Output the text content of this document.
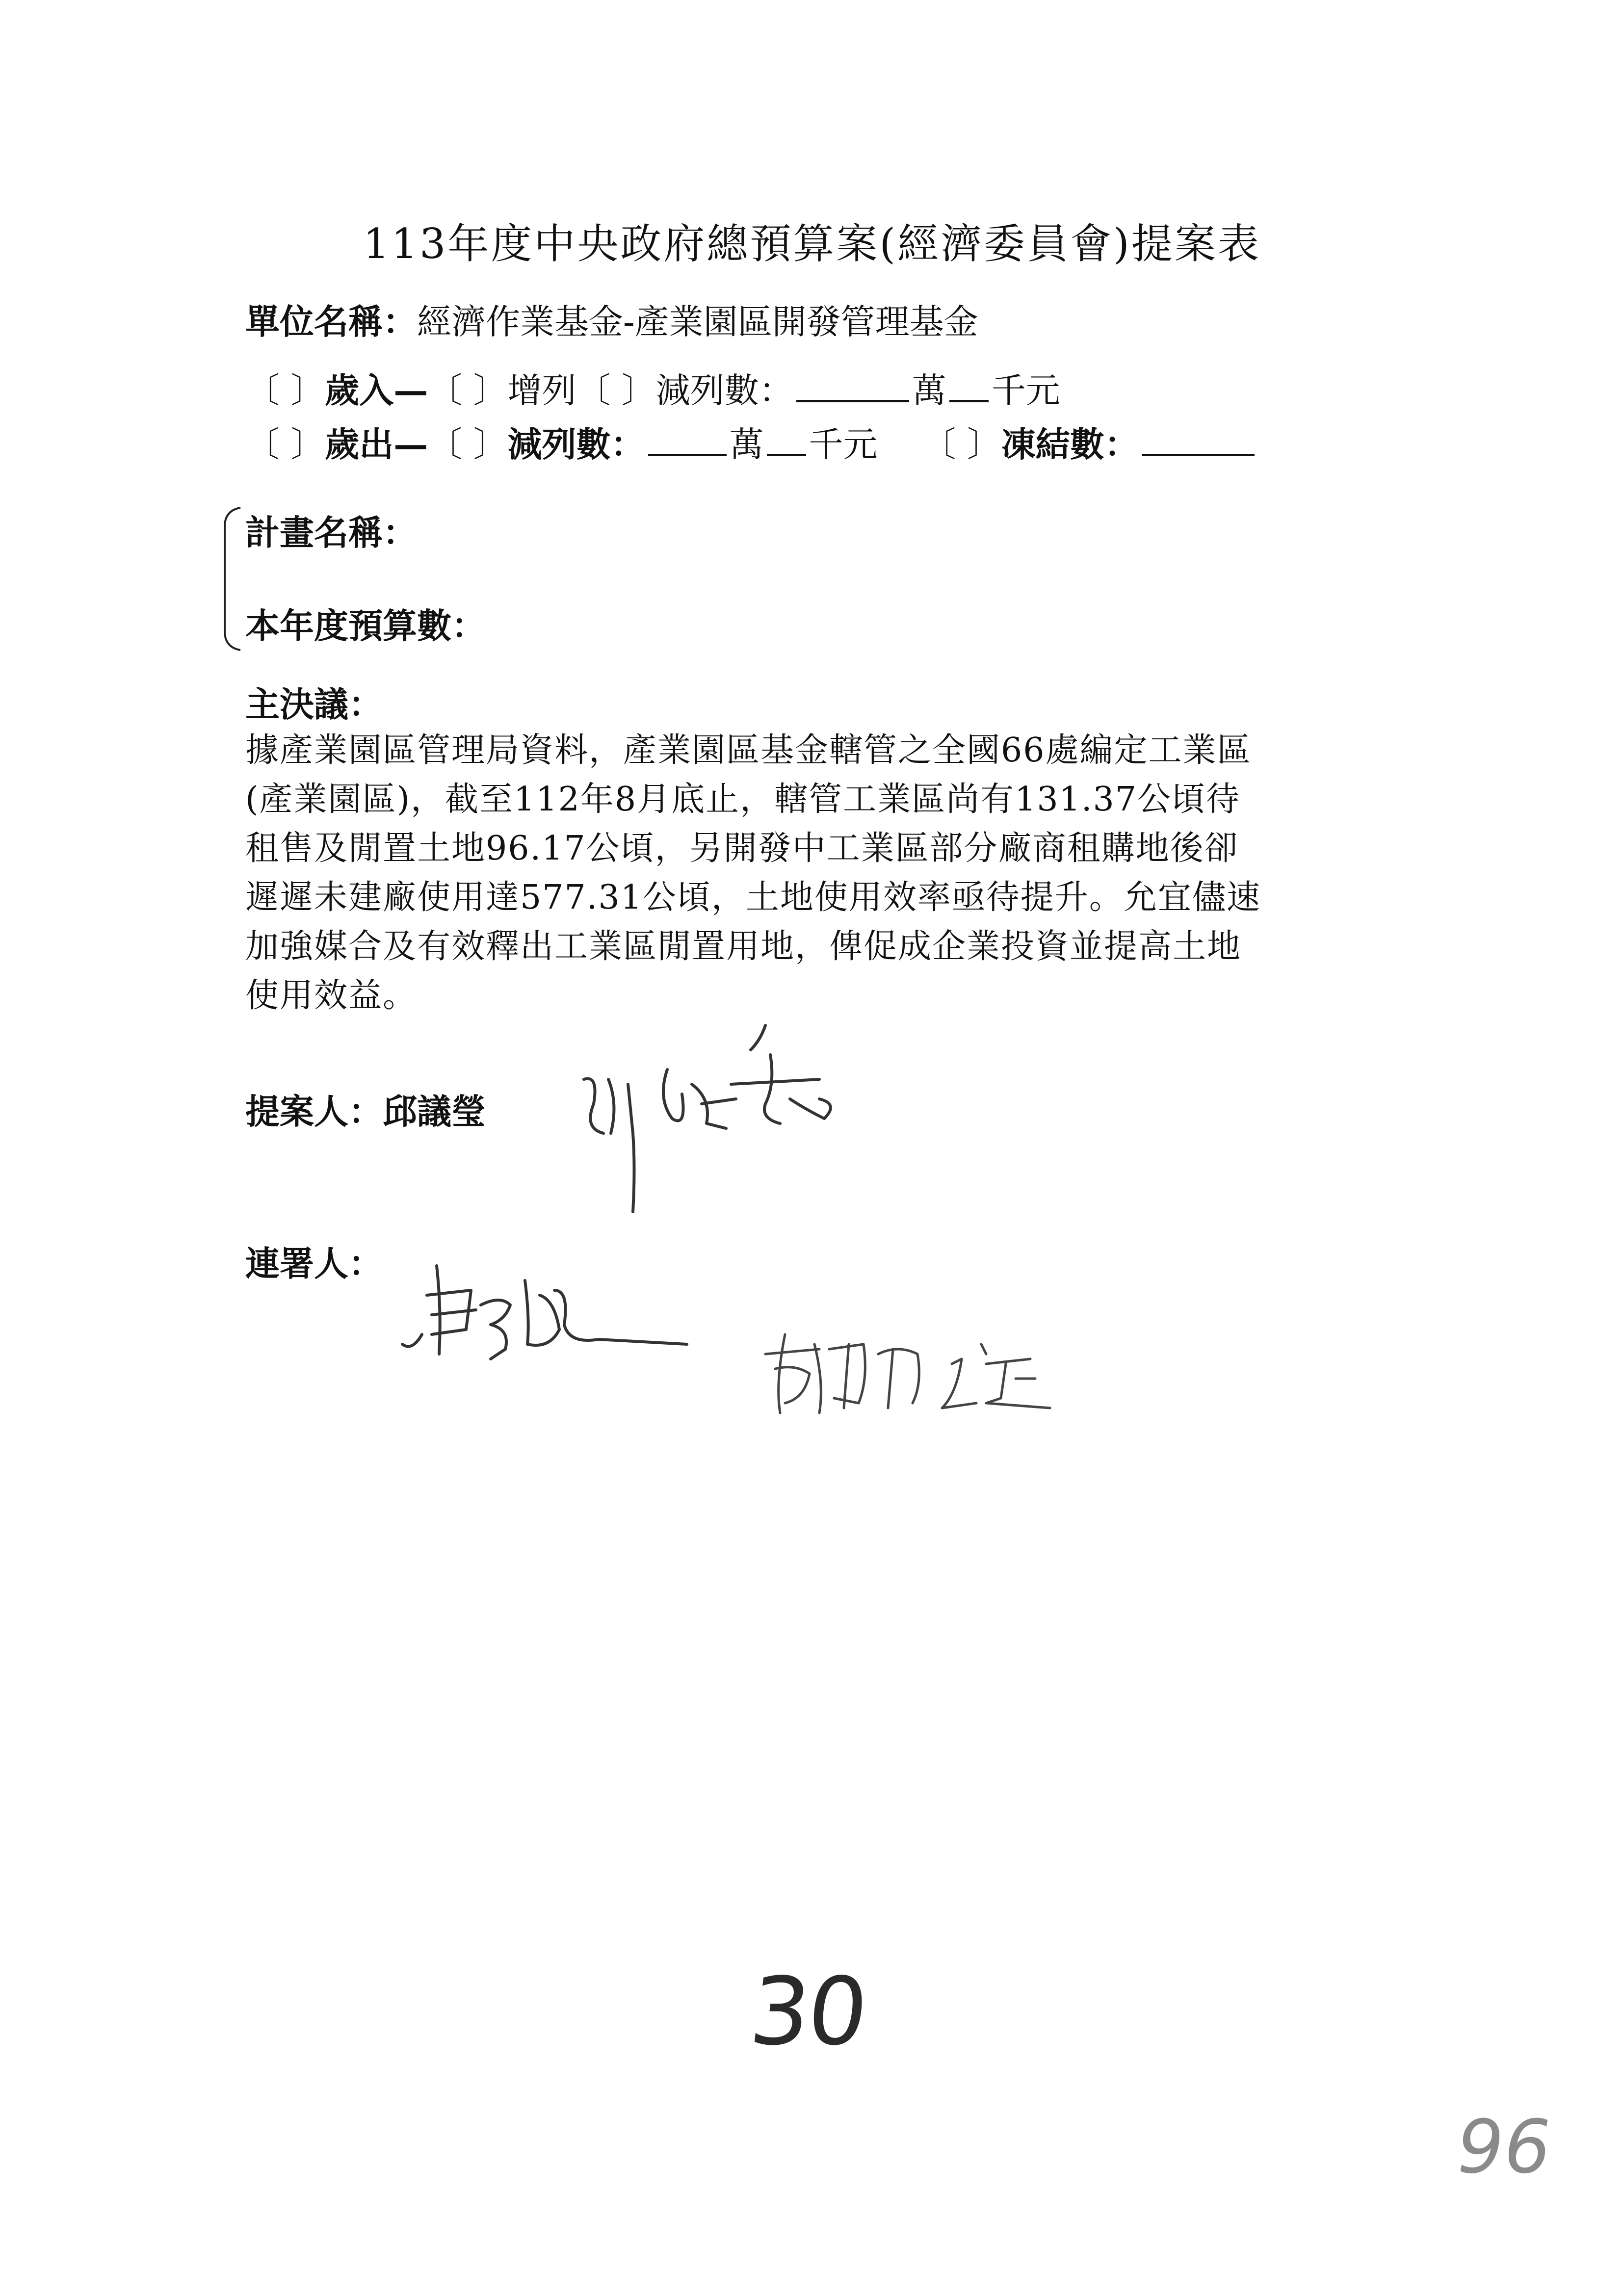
113年度中央政府總預算案(經濟委員會)提案表
單位名稱：經濟作業基金-產業園區開發管理基金
〔 〕歲入—〔 〕增列〔 〕減列數：	萬 千元
〔 〕歲出—〔 〕減列數： 萬 千元 〔 〕凍結數：
計畫名稱：
本年度預算數：
主決議：
據產業園區管理局資料，產業園區基金轄管之全國66處編定工業區
(產業園區)，截至112年8月底止，轄管工業區尚有131.37公頃待
租售及閒置土地96.17公頃，另開發中工業區部分廠商租購地後卻
遲遲未建廠使用達577.31公頃，土地使用效率亟待提升。允宜儘速
加強媒合及有效釋出工業區閒置用地，俾促成企業投資並提高土地
使用效益。
提案人：邱議瑩
連署人：
30
96
